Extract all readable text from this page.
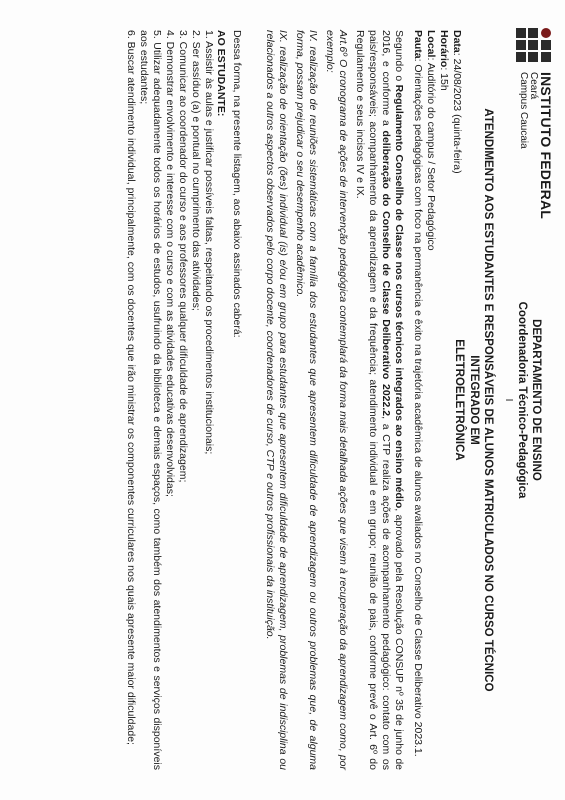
INSTITUTO FEDERAL
Ceará
Campus Caucaia
DEPARTAMENTO DE ENSINO
Coordenadoria Técnico-Pedagógica
I
ATENDIMENTO AOS ESTUDANTES E RESPONSÁVEIS DE ALUNOS MATRICULADOS NO CURSO TÉCNICO INTEGRADO EM
ELETROELETRÔNICA
Data: 24/08/2023 (quinta-feira)
Horário: 15h
Local: Auditório do campus / Setor Pedagógico
Pauta: Orientações pedagógicas com foco na permanência e êxito na trajetória acadêmica de alunos avaliados no Conselho de Classe Deliberativo 2023.1.

Segundo o Regulamento Consellho de Classe nos cursos técnicos integrados ao ensino médio, aprovado pela Resolução CONSUP nº 35 de junho de 2016, e conforme a deliberação do Conselho de Classe Deliberativo 2022.2, a CTP realiza ações de acompanhamento pedagógico: contato com os pais/responsáveis; acompanhamento da aprendizagem e da frequência; atendimento individual e em grupo; reunião de pais, conforme prevê o Art. 6º do Regulamento e seus incisos IV e IX.

Art.6º O cronograma de ações de intervenção pedagógica contemplará da forma mais detalhada ações que visem à recuperação da aprendizagem como, por exemplo:

IV. realização de reuniões sistemáticas com a família dos estudantes que apresentem dificuldade de aprendizagem ou outros problemas que, de alguma forma, possam prejudicar o seu desempenho acadêmico.

IX. realização de orientação (ões) individual (is) e/ou em grupo para estudantes que apresentem dificuldade de aprendizagem, problemas de indisciplina ou relacionados a outros aspectos observados pelo corpo docente, coordenadores de curso, CTP e outros profissionais da instituição.

Dessa forma, na presente listagem, aos abaixo assinados caberá:
AO ESTUDANTE:
1. Assistir às aulas e justificar possíveis faltas, respeitando os procedimentos institucionais;
2. Ser assíduo (a) e pontual no cumprimento das atividades;
3. Comunicar ao coordenador do curso e aos professores qualquer dificuldade de aprendizagem;
4. Demonstrar envolvimento e interesse com o curso e com as atividades educativas desenvolvidas;
5. Utilizar adequadamente todos os horários de estudos, usufruindo da biblioteca e demais espaços, como também dos atendimentos e serviços disponíveis aos estudantes;
6. Buscar atendimento individual, principalmente, com os docentes que irão ministrar os componentes curriculares nos quais apresente maior dificuldade;
